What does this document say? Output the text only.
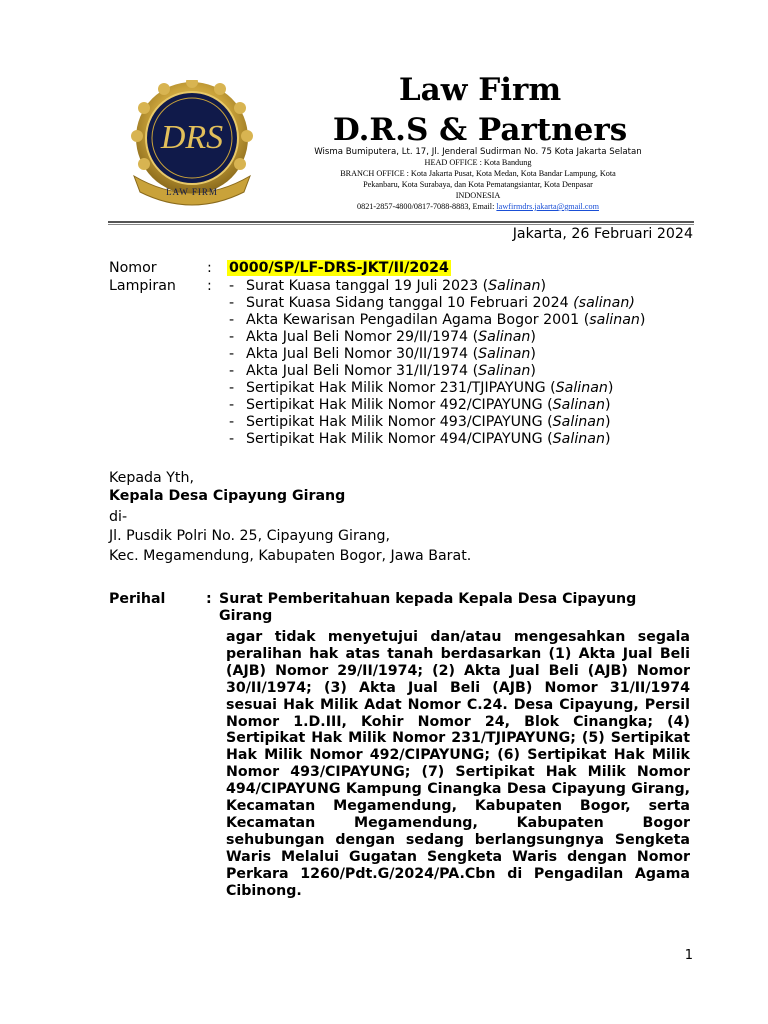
DRS
LAW FIRM
Law Firm
D.R.S & Partners
Wisma Bumiputera, Lt. 17, Jl. Jenderal Sudirman No. 75 Kota Jakarta Selatan
HEAD OFFICE : Kota Bandung
BRANCH OFFICE : Kota Jakarta Pusat, Kota Medan, Kota Bandar Lampung, Kota
Pekanbaru, Kota Surabaya, dan Kota Pematangsiantar, Kota Denpasar
INDONESIA
0821-2857-4800/0817-7088-8883, Email: lawfirmdrs.jakarta@gmail.com
Jakarta, 26 Februari 2024
Nomor	: 0000/SP/LF-DRS-JKT/II/2024
Lampiran : - Surat Kuasa tanggal 19 Juli 2023 (Salinan)
- Surat Kuasa Sidang tanggal 10 Februari 2024 (salinan)
- Akta Kewarisan Pengadilan Agama Bogor 2001 (salinan)
- Akta Jual Beli Nomor 29/II/1974 (Salinan)
- Akta Jual Beli Nomor 30/II/1974 (Salinan)
- Akta Jual Beli Nomor 31/II/1974 (Salinan)
- Sertipikat Hak Milik Nomor 231/TJIPAYUNG (Salinan)
- Sertipikat Hak Milik Nomor 492/CIPAYUNG (Salinan)
- Sertipikat Hak Milik Nomor 493/CIPAYUNG (Salinan)
- Sertipikat Hak Milik Nomor 494/CIPAYUNG (Salinan)
Kepada Yth,
Kepala Desa Cipayung Girang
di-
Jl. Pusdik Polri No. 25, Cipayung Girang,
Kec. Megamendung, Kabupaten Bogor, Jawa Barat.
Perihal	: Surat Pemberitahuan kepada Kepala Desa Cipayung Girang
agar tidak menyetujui dan/atau mengesahkan segala peralihan hak atas tanah berdasarkan (1) Akta Jual Beli (AJB) Nomor 29/II/1974; (2) Akta Jual Beli (AJB) Nomor 30/II/1974; (3) Akta Jual Beli (AJB) Nomor 31/II/1974 sesuai Hak Milik Adat Nomor C.24. Desa Cipayung, Persil Nomor 1.D.III, Kohir Nomor 24, Blok Cinangka; (4) Sertipikat Hak Milik Nomor 231/TJIPAYUNG; (5) Sertipikat Hak Milik Nomor 492/CIPAYUNG; (6) Sertipikat Hak Milik Nomor 493/CIPAYUNG; (7) Sertipikat Hak Milik Nomor 494/CIPAYUNG Kampung Cinangka Desa Cipayung Girang, Kecamatan Megamendung, Kabupaten Bogor, serta Kecamatan Megamendung, Kabupaten Bogor sehubungan dengan sedang berlangsungnya Sengketa Waris Melalui Gugatan Sengketa Waris dengan Nomor Perkara 1260/Pdt.G/2024/PA.Cbn di Pengadilan Agama Cibinong.
1
